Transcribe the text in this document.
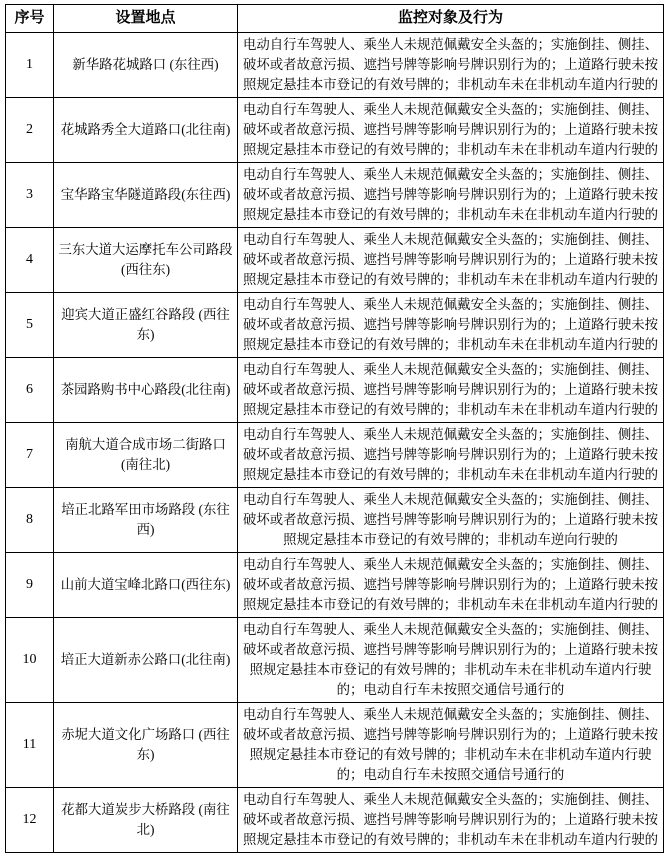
序号	设置地点	监控对象及行为
1	新华路花城路口 (东往西)	电动自行车驾驶人、乘坐人未规范佩戴安全头盔的；实施倒挂、侧挂、破坏或者故意污损、遮挡号牌等影响号牌识别行为的；上道路行驶未按照规定悬挂本市登记的有效号牌的；非机动车未在非机动车道内行驶的
2	花城路秀全大道路口(北往南)	电动自行车驾驶人、乘坐人未规范佩戴安全头盔的；实施倒挂、侧挂、破坏或者故意污损、遮挡号牌等影响号牌识别行为的；上道路行驶未按照规定悬挂本市登记的有效号牌的；非机动车未在非机动车道内行驶的
3	宝华路宝华隧道路段(东往西)	电动自行车驾驶人、乘坐人未规范佩戴安全头盔的；实施倒挂、侧挂、破坏或者故意污损、遮挡号牌等影响号牌识别行为的；上道路行驶未按照规定悬挂本市登记的有效号牌的；非机动车未在非机动车道内行驶的
4	三东大道大运摩托车公司路段 (西往东)	电动自行车驾驶人、乘坐人未规范佩戴安全头盔的；实施倒挂、侧挂、破坏或者故意污损、遮挡号牌等影响号牌识别行为的；上道路行驶未按照规定悬挂本市登记的有效号牌的；非机动车未在非机动车道内行驶的
5	迎宾大道正盛红谷路段 (西往东)	电动自行车驾驶人、乘坐人未规范佩戴安全头盔的；实施倒挂、侧挂、破坏或者故意污损、遮挡号牌等影响号牌识别行为的；上道路行驶未按照规定悬挂本市登记的有效号牌的；非机动车未在非机动车道内行驶的
6	茶园路购书中心路段(北往南)	电动自行车驾驶人、乘坐人未规范佩戴安全头盔的；实施倒挂、侧挂、破坏或者故意污损、遮挡号牌等影响号牌识别行为的；上道路行驶未按照规定悬挂本市登记的有效号牌的；非机动车未在非机动车道内行驶的
7	南航大道合成市场二街路口 (南往北)	电动自行车驾驶人、乘坐人未规范佩戴安全头盔的；实施倒挂、侧挂、破坏或者故意污损、遮挡号牌等影响号牌识别行为的；上道路行驶未按照规定悬挂本市登记的有效号牌的；非机动车未在非机动车道内行驶的
8	培正北路军田市场路段 (东往西)	电动自行车驾驶人、乘坐人未规范佩戴安全头盔的；实施倒挂、侧挂、破坏或者故意污损、遮挡号牌等影响号牌识别行为的；上道路行驶未按照规定悬挂本市登记的有效号牌的；非机动车逆向行驶的
9	山前大道宝峰北路口(西往东)	电动自行车驾驶人、乘坐人未规范佩戴安全头盔的；实施倒挂、侧挂、破坏或者故意污损、遮挡号牌等影响号牌识别行为的；上道路行驶未按照规定悬挂本市登记的有效号牌的；非机动车未在非机动车道内行驶的
10	培正大道新赤公路口(北往南)	电动自行车驾驶人、乘坐人未规范佩戴安全头盔的；实施倒挂、侧挂、破坏或者故意污损、遮挡号牌等影响号牌识别行为的；上道路行驶未按照规定悬挂本市登记的有效号牌的；非机动车未在非机动车道内行驶的；电动自行车未按照交通信号通行的
11	赤坭大道文化广场路口 (西往东)	电动自行车驾驶人、乘坐人未规范佩戴安全头盔的；实施倒挂、侧挂、破坏或者故意污损、遮挡号牌等影响号牌识别行为的；上道路行驶未按照规定悬挂本市登记的有效号牌的；非机动车未在非机动车道内行驶的；电动自行车未按照交通信号通行的
12	花都大道炭步大桥路段 (南往北)	电动自行车驾驶人、乘坐人未规范佩戴安全头盔的；实施倒挂、侧挂、破坏或者故意污损、遮挡号牌等影响号牌识别行为的；上道路行驶未按照规定悬挂本市登记的有效号牌的；非机动车未在非机动车道内行驶的
